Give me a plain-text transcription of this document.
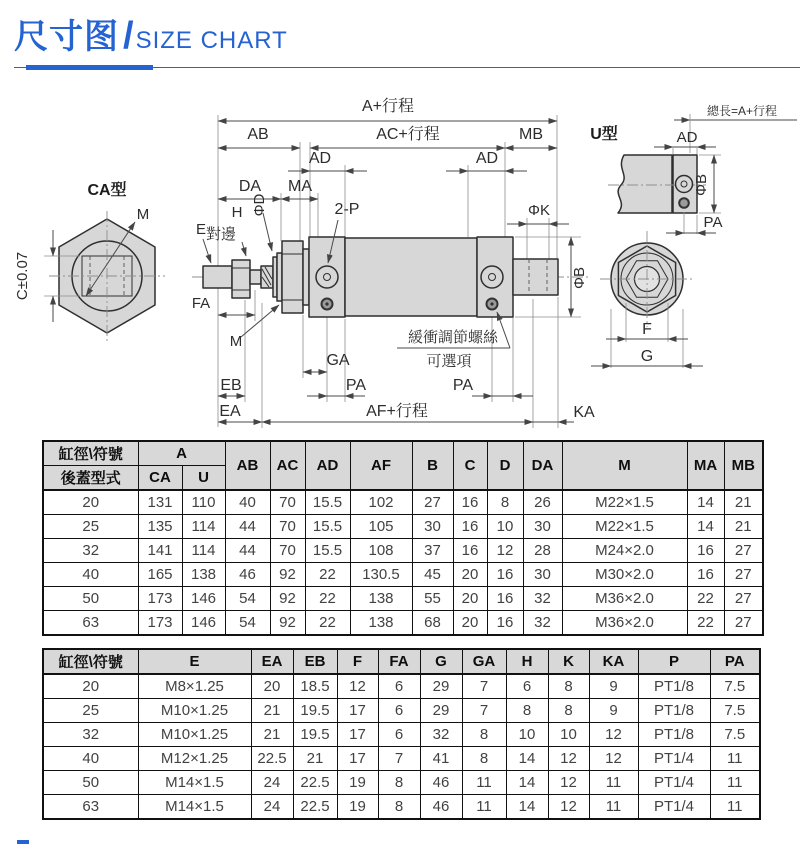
尺寸图 /SIZE CHART
CA型
M
C±0.07
A+行程
AB	AC+行程	MB
AD	AD
DA MA
H
對邊
ΦD	2-P	ΦK
E
ΦB
FA
M	緩衝調節螺絲
可選項
GA
PA	PA
EB
EA	AF+行程	KA
U型
總長=A+行程
AD
ΦB
PA
F
G
缸徑\符號	A		AB	AC	AD	AF	B	C	D	DA	M	MA	MB
後蓋型式	CA	U											
20	131	110	40	70	15.5	102	27	16	8	26	M22×1.5	14	21
25	135	114	44	70	15.5	105	30	16	10	30	M22×1.5	14	21
32	141	114	44	70	15.5	108	37	16	12	28	M24×2.0	16	27
40	165	138	46	92	22	130.5	45	20	16	30	M30×2.0	16	27
50	173	146	54	92	22	138	55	20	16	32	M36×2.0	22	27
63	173	146	54	92	22	138	68	20	16	32	M36×2.0	22	27
缸徑\符號	E	EA	EB	F	FA	G	GA	H	K	KA	P	PA
20	M8×1.25	20	18.5	12	6	29	7	6	8	9	PT1/8	7.5
25	M10×1.25	21	19.5	17	6	29	7	8	8	9	PT1/8	7.5
32	M10×1.25	21	19.5	17	6	32	8	10	10	12	PT1/8	7.5
40	M12×1.25	22.5	21	17	7	41	8	14	12	12	PT1/4	11
50	M14×1.5	24	22.5	19	8	46	11	14	12	11	PT1/4	11
63	M14×1.5	24	22.5	19	8	46	11	14	12	11	PT1/4	11
